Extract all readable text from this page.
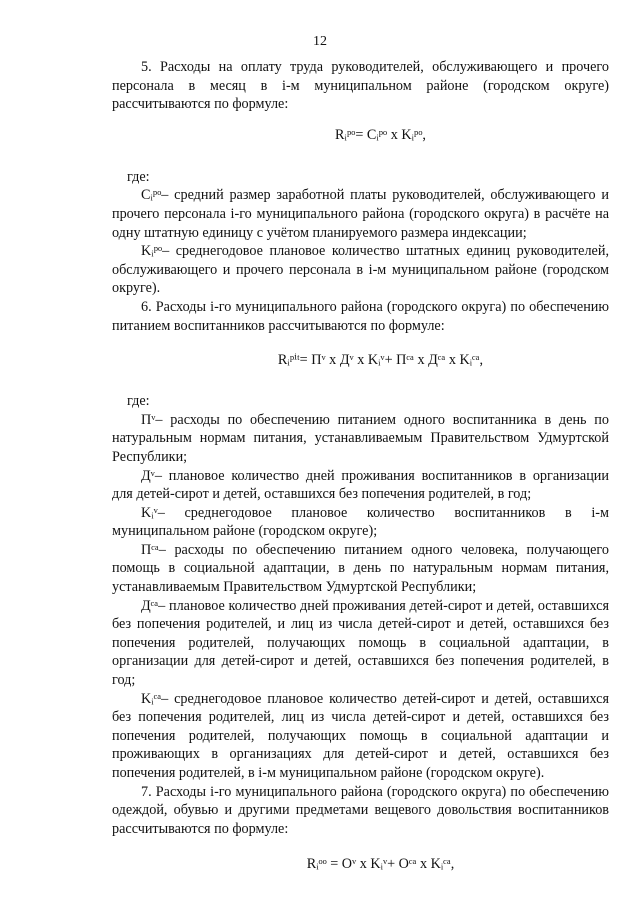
12

5. Расходы на оплату труда руководителей, обслуживающего и прочего персонала в месяц в i-м муниципальном районе (городском округе) рассчитываются по формуле:

Rᵢᵖᵒ= Cᵢᵖᵒ x Kᵢᵖᵒ,

где:

Cᵢᵖᵒ– средний размер заработной платы руководителей, обслуживающего и прочего персонала i-го муниципального района (городского округа) в расчёте на одну штатную единицу с учётом планируемого размера индексации;

Kᵢᵖᵒ– среднегодовое плановое количество штатных единиц руководителей, обслуживающего и прочего персонала в i-м муниципальном районе (городском округе).

6. Расходы i-го муниципального района (городского округа) по обеспечению питанием воспитанников рассчитываются по формуле:

Rᵢᵖⁱᵗ= Пᵛ x Дᵛ x Kᵢᵛ+ Пᶜᵃ x Дᶜᵃ x Kᵢᶜᵃ,

где:

Пᵛ– расходы по обеспечению питанием одного воспитанника в день по натуральным нормам питания, устанавливаемым Правительством Удмуртской Республики;

Дᵛ– плановое количество дней проживания воспитанников в организации для детей-сирот и детей, оставшихся без попечения родителей, в год;

Kᵢᵛ– среднегодовое плановое количество воспитанников в i-м муниципальном районе (городском округе);

Пᶜᵃ– расходы по обеспечению питанием одного человека, получающего помощь в социальной адаптации, в день по натуральным нормам питания, устанавливаемым Правительством Удмуртской Республики;

Дᶜᵃ– плановое количество дней проживания детей-сирот и детей, оставшихся без попечения родителей, и лиц из числа детей-сирот и детей, оставшихся без попечения родителей, получающих помощь в социальной адаптации, в организации для детей-сирот и детей, оставшихся без попечения родителей, в год;

Kᵢᶜᵃ– среднегодовое плановое количество детей-сирот и детей, оставшихся без попечения родителей, лиц из числа детей-сирот и детей, оставшихся без попечения родителей, получающих помощь в социальной адаптации и проживающих в организациях для детей-сирот и детей, оставшихся без попечения родителей, в i-м муниципальном районе (городском округе).

7. Расходы i-го муниципального района (городского округа) по обеспечению одеждой, обувью и другими предметами вещевого довольствия воспитанников рассчитываются по формуле:

Rᵢᵒᵒ = Oᵛ x Kᵢᵛ+ Oᶜᵃ x Kᵢᶜᵃ,
